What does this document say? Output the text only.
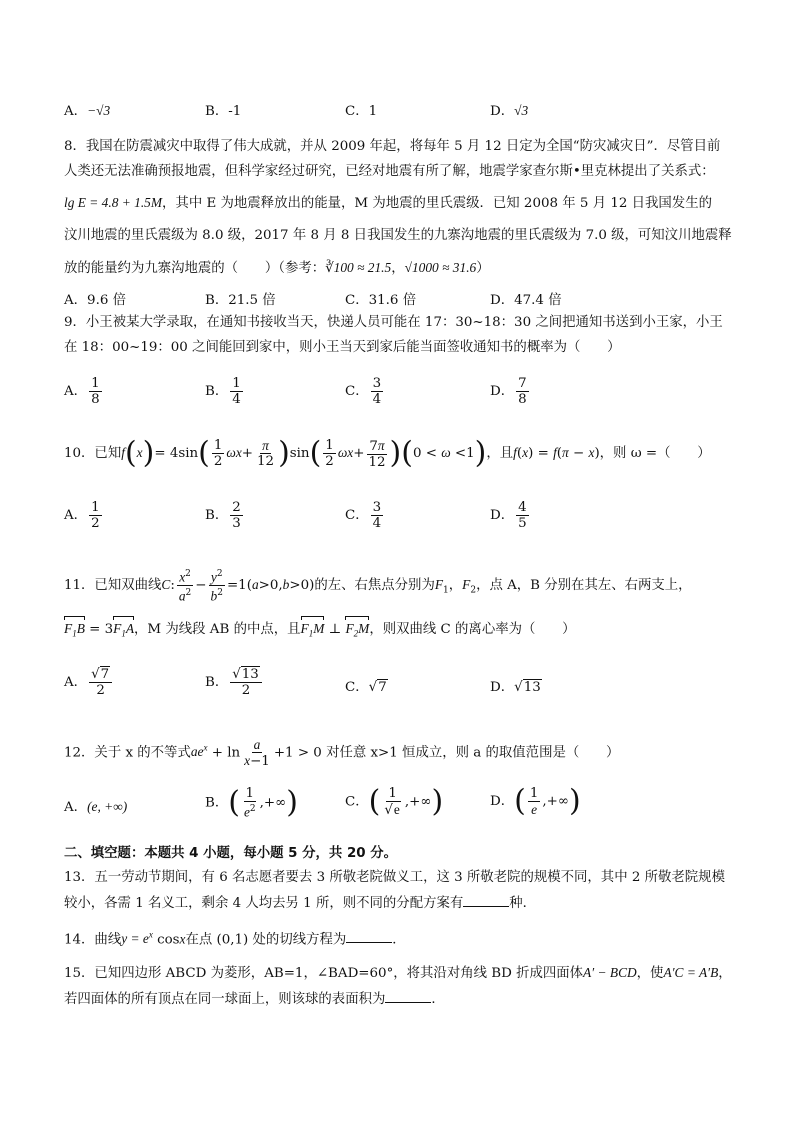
A．−√3	B．-1	C．1	D．√3
8．我国在防震减灾中取得了伟大成就，并从 2009 年起，将每年 5 月 12 日定为全国“防灾减灾日”．尽管目前
人类还无法准确预报地震，但科学家经过研究，已经对地震有所了解，地震学家查尔斯•里克林提出了关系式：
lg E = 4.8 + 1.5M，其中 E 为地震释放出的能量，M 为地震的里氏震级．已知 2008 年 5 月 12 日我国发生的
汶川地震的里氏震级为 8.0 级，2017 年 8 月 8 日我国发生的九寨沟地震的里氏震级为 7.0 级，可知汶川地震释
放的能量约为九寨沟地震的（　　）（参考：∛100 ≈ 21.5，√1000 ≈ 31.6）
A．9.6 倍	B．21.5 倍	C．31.6 倍	D．47.4 倍
9．小王被某大学录取，在通知书接收当天，快递人员可能在 17：30~18：30 之间把通知书送到小王家，小王
在 18：00~19：00 之间能回到家中，则小王当天到家后能当面签收通知书的概率为（　　）
A． $\frac{1}{8}$	B． $\frac{1}{4}$	C． $\frac{3}{4}$	D． $\frac{7}{8}$
10．已知$f(x)= 4\sin( \frac{1}{2} \omega x+ \frac{\pi}{12} )\sin( \frac{1}{2} \omega x+ \frac{7\pi}{12} )(0 < \omega <1)$，且f(x) = f(π − x)，则 ω =（　　）
A． $\frac{1}{2}$	B． $\frac{2}{3}$	C． $\frac{3}{4}$	D． $\frac{4}{5}$
11．已知双曲线C: $\frac{x^2}{a^2} - \frac{y^2}{b^2} =1(a>0,b>0)$的左、右焦点分别为$F_1$，$F_2$，点 A，B 分别在其左、右两支上，
$F_1B = 3F_1A$，M 为线段 AB 的中点，且$F_1M$ ⊥ $F_2M$，则双曲线 C 的离心率为（　　）
A． $\frac{√7}{2}$	B． $\frac{√13}{2}$	C．√7	D．√13
12．关于 x 的不等式$ae^x + \ln \frac{a}{x-1} +1 > 0$ 对任意 x>1 恒成立，则 a 的取值范围是（　　）
A．(e, +∞)	B．( $\frac{1}{e^2}$ ,+∞)	C．( $\frac{1}{√e}$ ,+∞)	D．( $\frac{1}{e}$ ,+∞)
二、填空题：本题共 4 小题，每小题 5 分，共 20 分。
13．五一劳动节期间，有 6 名志愿者要去 3 所敬老院做义工，这 3 所敬老院的规模不同，其中 2 所敬老院规模
较小，各需 1 名义工，剩余 4 人均去另 1 所，则不同的分配方案有	种．
14．曲线$y = e^x$ cosx在点 (0,1) 处的切线方程为	．
15．已知四边形 ABCD 为菱形，AB=1，∠BAD=60°，将其沿对角线 BD 折成四面体A′ − BCD，使A′C = A′B，
若四面体的所有顶点在同一球面上，则该球的表面积为	．
